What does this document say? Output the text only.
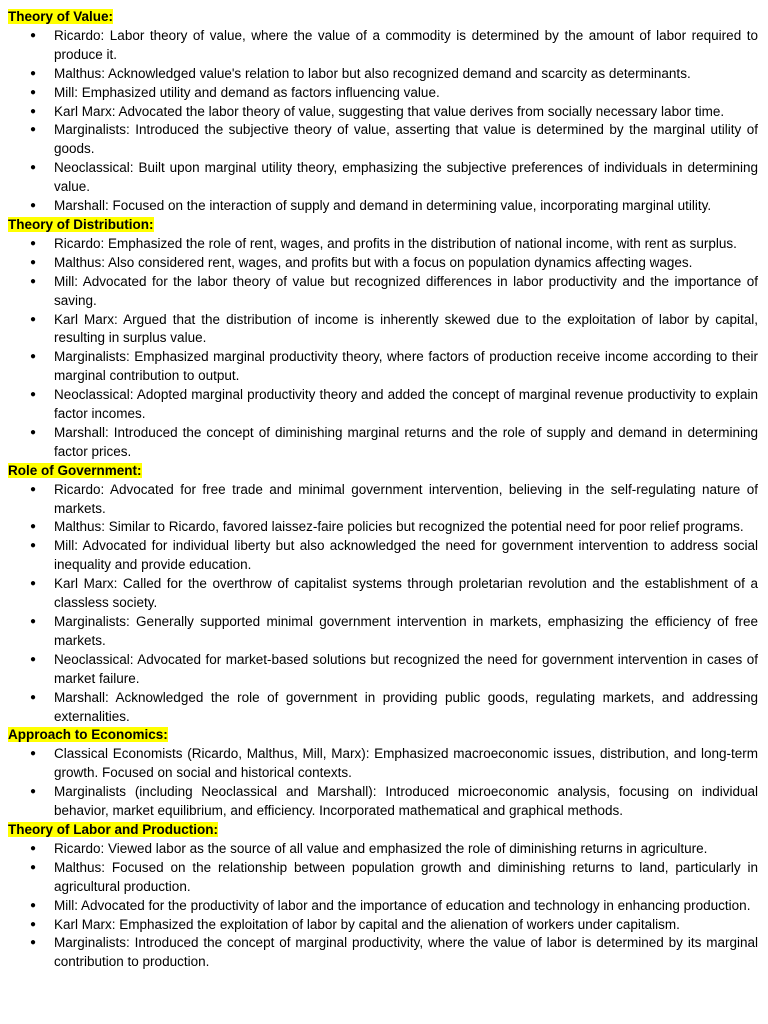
Theory of Value:

● Ricardo: Labor theory of value, where the value of a commodity is determined by the amount of labor required to produce it.
● Malthus: Acknowledged value's relation to labor but also recognized demand and scarcity as determinants.
● Mill: Emphasized utility and demand as factors influencing value.
● Karl Marx: Advocated the labor theory of value, suggesting that value derives from socially necessary labor time.
● Marginalists: Introduced the subjective theory of value, asserting that value is determined by the marginal utility of goods.
● Neoclassical: Built upon marginal utility theory, emphasizing the subjective preferences of individuals in determining value.
● Marshall: Focused on the interaction of supply and demand in determining value, incorporating marginal utility.

Theory of Distribution:

● Ricardo: Emphasized the role of rent, wages, and profits in the distribution of national income, with rent as surplus.
● Malthus: Also considered rent, wages, and profits but with a focus on population dynamics affecting wages.
● Mill: Advocated for the labor theory of value but recognized differences in labor productivity and the importance of saving.
● Karl Marx: Argued that the distribution of income is inherently skewed due to the exploitation of labor by capital, resulting in surplus value.
● Marginalists: Emphasized marginal productivity theory, where factors of production receive income according to their marginal contribution to output.
● Neoclassical: Adopted marginal productivity theory and added the concept of marginal revenue productivity to explain factor incomes.
● Marshall: Introduced the concept of diminishing marginal returns and the role of supply and demand in determining factor prices.

Role of Government:

● Ricardo: Advocated for free trade and minimal government intervention, believing in the self-regulating nature of markets.
● Malthus: Similar to Ricardo, favored laissez-faire policies but recognized the potential need for poor relief programs.
● Mill: Advocated for individual liberty but also acknowledged the need for government intervention to address social inequality and provide education.
● Karl Marx: Called for the overthrow of capitalist systems through proletarian revolution and the establishment of a classless society.
● Marginalists: Generally supported minimal government intervention in markets, emphasizing the efficiency of free markets.
● Neoclassical: Advocated for market-based solutions but recognized the need for government intervention in cases of market failure.
● Marshall: Acknowledged the role of government in providing public goods, regulating markets, and addressing externalities.

Approach to Economics:

● Classical Economists (Ricardo, Malthus, Mill, Marx): Emphasized macroeconomic issues, distribution, and long-term growth. Focused on social and historical contexts.
● Marginalists (including Neoclassical and Marshall): Introduced microeconomic analysis, focusing on individual behavior, market equilibrium, and efficiency. Incorporated mathematical and graphical methods.

Theory of Labor and Production:

● Ricardo: Viewed labor as the source of all value and emphasized the role of diminishing returns in agriculture.
● Malthus: Focused on the relationship between population growth and diminishing returns to land, particularly in agricultural production.
● Mill: Advocated for the productivity of labor and the importance of education and technology in enhancing production.
● Karl Marx: Emphasized the exploitation of labor by capital and the alienation of workers under capitalism.
● Marginalists: Introduced the concept of marginal productivity, where the value of labor is determined by its marginal contribution to production.
